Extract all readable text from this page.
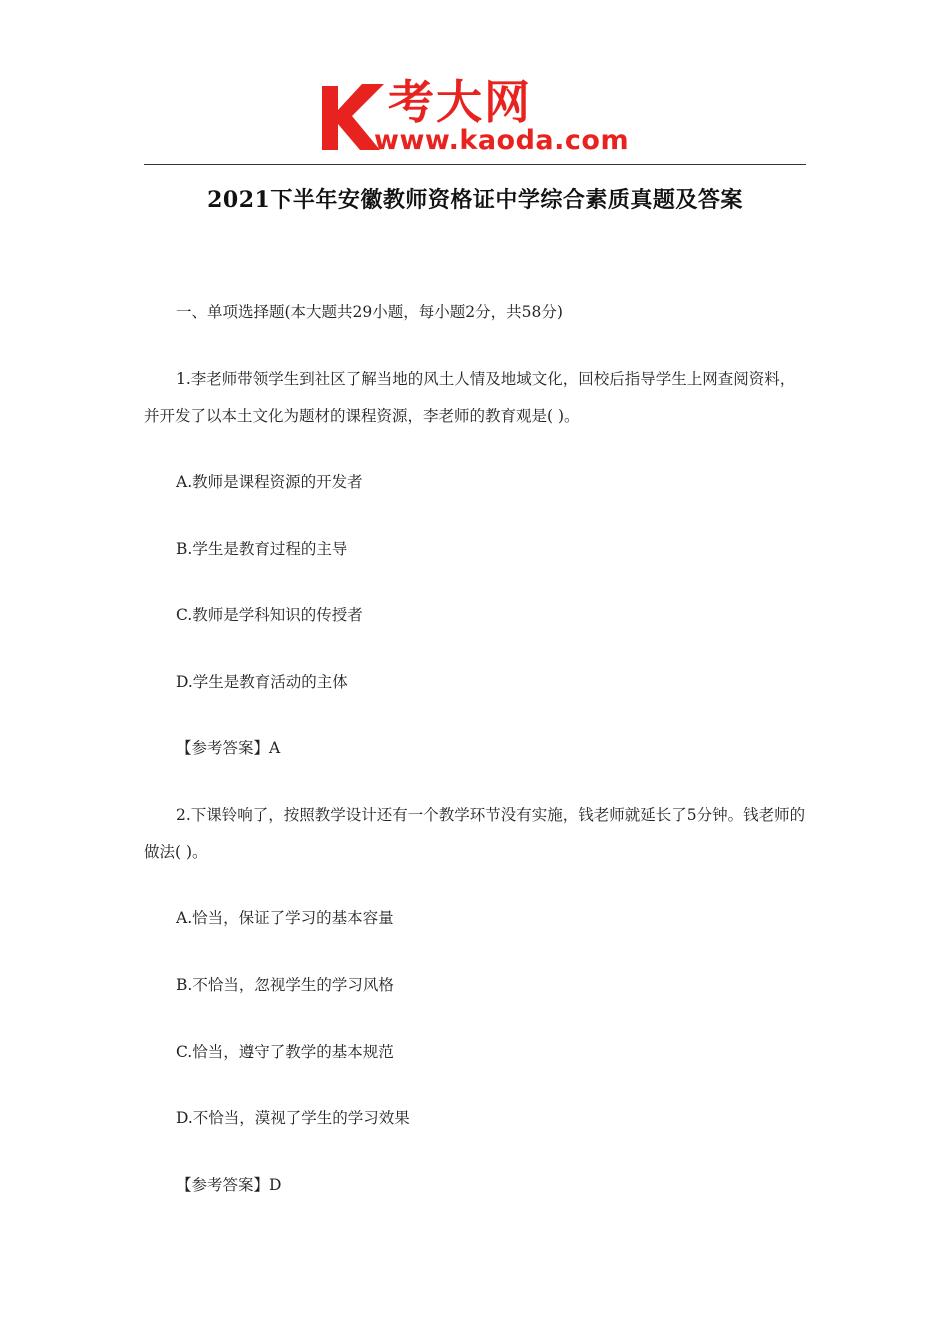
考大网
www.kaoda.com
2021下半年安徽教师资格证中学综合素质真题及答案
一、单项选择题(本大题共29小题，每小题2分，共58分)
1.李老师带领学生到社区了解当地的风土人情及地域文化，回校后指导学生上网查阅资料，并开发了以本土文化为题材的课程资源，李老师的教育观是( )。
A.教师是课程资源的开发者
B.学生是教育过程的主导
C.教师是学科知识的传授者
D.学生是教育活动的主体
【参考答案】A
2.下课铃响了，按照教学设计还有一个教学环节没有实施，钱老师就延长了5分钟。钱老师的做法( )。
A.恰当，保证了学习的基本容量
B.不恰当，忽视学生的学习风格
C.恰当，遵守了教学的基本规范
D.不恰当，漠视了学生的学习效果
【参考答案】D
